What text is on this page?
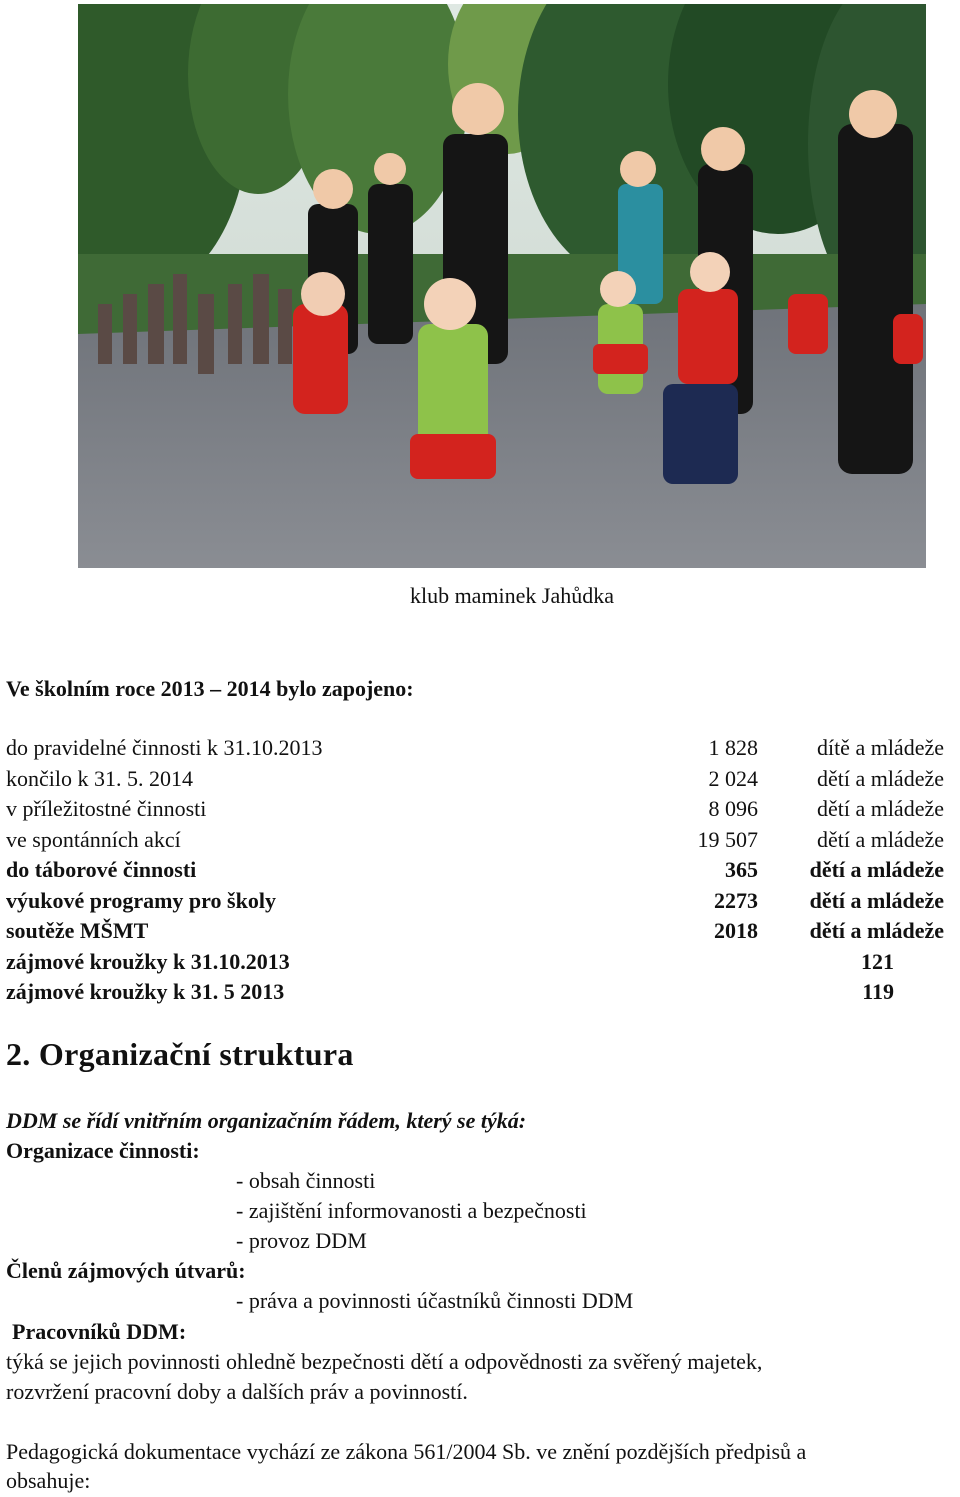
klub maminek Jahůdka
Ve školním roce 2013 – 2014 bylo zapojeno:
do pravidelné činnosti k 31.10.2013	1 828	dítě a mládeže
končilo k 31. 5. 2014	2 024	dětí a mládeže
v příležitostné činnosti	8 096	dětí a mládeže
ve spontánních akcí	19 507	dětí a mládeže
do táborové činnosti	365 dětí a mládeže
výukové programy pro školy	2273 dětí a mládeže
soutěže MŠMT	2018 dětí a mládeže
zájmové kroužky k 31.10.2013	121
zájmové kroužky k 31. 5 2013	119
2. Organizační struktura
DDM se řídí vnitřním organizačním řádem, který se týká:
Organizace činnosti:
- obsah činnosti
- zajištění informovanosti a bezpečnosti
- provoz DDM
Členů zájmových útvarů:
- práva a povinnosti účastníků činnosti DDM
Pracovníků DDM:
týká se jejich povinnosti ohledně bezpečnosti dětí a odpovědnosti za svěřený majetek,
rozvržení pracovní doby a dalších práv a povinností.
Pedagogická dokumentace vychází ze zákona 561/2004 Sb. ve znění pozdějších předpisů a
obsahuje:
